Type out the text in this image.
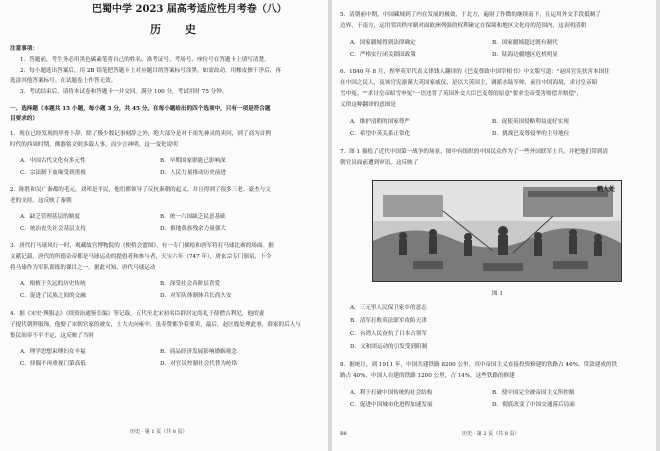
巴蜀中学 2023 届高考适应性月考卷（八）
历 史
注意事项：
1．答题前，考生务必用黑色碳素笔将自己的姓名、准考证号、考场号、座位号在答题卡上填写清楚。
2．每小题选出答案后，用 2B 铅笔把答题卡上对应题目的答案标号涂黑。如需改动，用橡皮擦干净后，再
选涂其他答案标号。在试题卷上作答无效。
3．考试结束后，请将本试卷和答题卡一并交回。满分 100 分，考试用时 75 分钟。
一、选择题（本题共 15 小题，每小题 3 分，共 45 分。在每小题给出的四个选项中，只有一项是符合题
目要求的）
1．现在已经发现的甲骨卜辞，除了极少数记事刻辞之外，绝大部分是对于祖先神灵的卖问，到了商为首例
时代的西周时期，佛器铭文则多载人事，而少言神明。这一变化说明
A．中国古代文化有多元性	B．早期国家职能已影响深
C．宗法制下血缘受到重视	D．人民力量推动历史前进
2．陈胜和吴广秦都的毛元，刘邦是平民，他们都领导了反抗秦朝的起义，并且得到了很多三老、豪杰与父
老的支持。这反映了秦朝
A．缺乏管理基层的制度	B．统一六国缺乏民意基础
C．统治丧失社会基层支持	D．推地黄族残余力量强大
3．唐代打马球风行一时，观藏故宫博物院的《便桥会盟图》，有一专门描绘和唐军将打马球比赛的场面。据
文献记载，唐代的所德杂帝都是马球运动的提倡者和参与者，天宝六年（747 年），唐玄宗专门颁诏，下令
将马球作为军队训练的课目之一。据此可知，唐代马球运动
A．根植于久远的历史传统	B．深受社会各阶层喜爱
C．促进了民族之间的交融	D．对军队体制体兵长尚久安
4．据《宋史·舆服志》《续资治通鉴长编》等记载，五代至北宋初名臣群居定尚礼于薛僧吉利尼，他的妻
子提代朝胖服饰，他娶了宋朝官家的被女，士大夫向雍中，虽寿赞都争着要卖，最后，赵匡胤处理此事，薛家的后人与
集民间率不平不定，这反映了当时
A．理学思想束缚妇女辛福	B．商品经济发展影响婚姻观念
C．择偶不再重视门第高低	D．对官员控制社会代替为纶络
历史 · 第 1 页（共 8 页）
5．清朝前中期，中国藏域到了内在发展的极致，于北方，遍射了作微的继续南下，且运用外交手段抵制了
边界，于南方，运用邻宾秩序制对面欧洲列强的权利碰定在保境和地区文化待的范围内，这表明清朝
A．国家疆域得到法律确定	B．国家疆域超过既有制代
C．严格实行闭关锁国政策	D．陆海边疆地区危机明显
6．1840 年 8 月，捏华英军代表义律钱人翻译的《巴麦尊致中国宰相书》中文版写道："赵因官宪扶害本国住
在中国之民人，及该官宪凛谨大英国家威仪，是以大英国主，调派水陆军帅，前往中国海境，求讨皇帝昭
雪申冤。""求讨皇帝昭雪申冤"一语违背了英国外交大臣巴麦尊的原意"要求皇帝受害赔偿并赔偿"，
义律这种翻译的意图是
A．维护清朝的国家尊严	B．促使英国侵略利益更好实现
C．希望中英关系正常化	D．挑战巴麦尊侵华的主导地位
7．图 1 描绘了近代中国第一战争的场景。图中有组织的中国民众作为了一些外国联军士兵，并把他们带到清
朝官员面前遭到审讯。这反映了
鹤人处
图 1
A．三元里人民保卫家乡的意志
B．清军打败英法联军攻陷天津
C．台湾人民奋抗了日本占领军
D．义和团运动的引发受到阻制
8．据统计，到 1911 年，中国共建铁路 8200 公里，其中帝国主义直接投资修建的铁路占 46%，贷款建成的铁
路占 40%，中国人自建的铁路 1200 公里，占 14%。这些铁路的修建
A．利于打破中国传统的社会结构	B．使中国完全被帝国主义所控制
C．促进中国城市化进程加速发展	D．彻底改变了中国交通落后局面
B8	历史 · 第 2 页（共 8 页）
